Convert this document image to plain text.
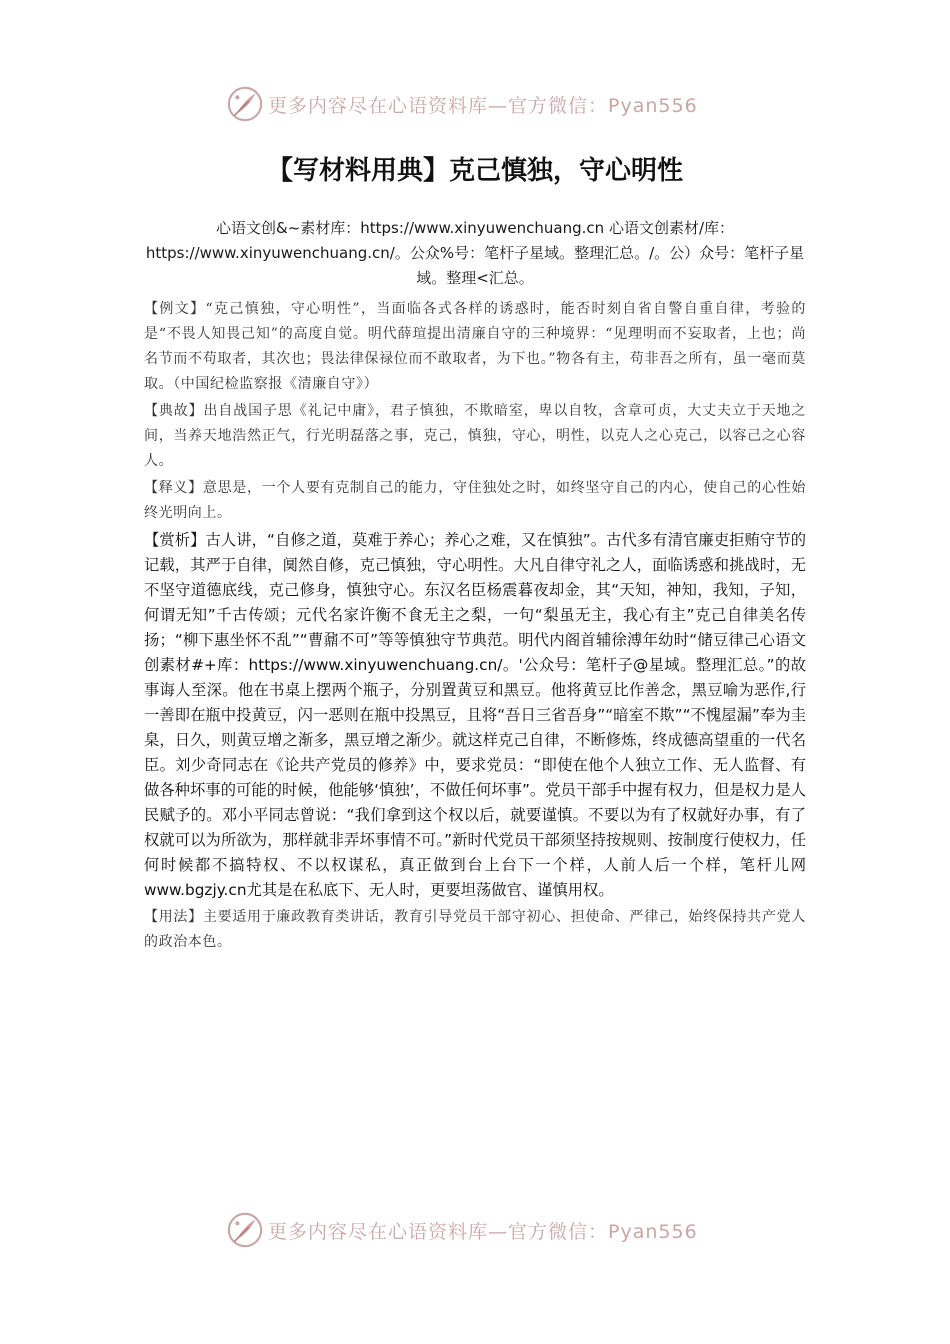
更多内容尽在心语资料库—官方微信：Pyan556
【写材料用典】克己慎独，守心明性

心语文创&~素材库：https://www.xinyuwenchuang.cn 心语文创素材/库：https://www.xinyuwenchuang.cn/。公众%号：笔杆子星域。整理汇总。/。公）众号：笔杆子星域。整理<汇总。

【例文】“克己慎独，守心明性”，当面临各式各样的诱惑时，能否时刻自省自警自重自律，考验的是“不畏人知畏己知”的高度自觉。明代薛瑄提出清廉自守的三种境界：“见理明而不妄取者，上也；尚名节而不苟取者，其次也；畏法律保禄位而不敢取者，为下也。”物各有主，苟非吾之所有，虽一毫而莫取。（中国纪检监察报《清廉自守》）

【典故】出自战国子思《礼记中庸》，君子慎独，不欺暗室，卑以自牧，含章可贞，大丈夫立于天地之间，当养天地浩然正气，行光明磊落之事，克己，慎独，守心，明性，以克人之心克己，以容己之心容人。

【释义】意思是，一个人要有克制自己的能力，守住独处之时，如终坚守自己的内心，使自己的心性始终光明向上。

【赏析】古人讲，“自修之道，莫难于养心；养心之难，又在慎独”。古代多有清官廉吏拒贿守节的记载，其严于自律，阒然自修，克己慎独，守心明性。大凡自律守礼之人，面临诱惑和挑战时，无不坚守道德底线，克己修身，慎独守心。东汉名臣杨震暮夜却金，其“天知，神知，我知，子知，何谓无知”千古传颂；元代名家许衡不食无主之梨，一句“梨虽无主，我心有主”克己自律美名传扬；“柳下惠坐怀不乱”“曹鼐不可”等等慎独守节典范。明代内阁首辅徐溥年幼时“储豆律己心语文创素材#+库：https://www.xinyuwenchuang.cn/。'公众号：笔杆子@星域。整理汇总。”的故事诲人至深。他在书桌上摆两个瓶子，分别置黄豆和黑豆。他将黄豆比作善念，黑豆喻为恶作,行一善即在瓶中投黄豆，闪一恶则在瓶中投黑豆，且将“吾日三省吾身”“暗室不欺”“不愧屋漏”奉为圭臬，日久，则黄豆增之渐多，黑豆增之渐少。就这样克己自律，不断修炼，终成德高望重的一代名臣。刘少奇同志在《论共产党员的修养》中，要求党员：“即使在他个人独立工作、无人监督、有做各种坏事的可能的时候，他能够‘慎独’，不做任何坏事”。党员干部手中握有权力，但是权力是人民赋予的。邓小平同志曾说：“我们拿到这个权以后，就要谨慎。不要以为有了权就好办事，有了权就可以为所欲为，那样就非弄坏事情不可。”新时代党员干部须坚持按规则、按制度行使权力，任何时候都不搞特权、不以权谋私，真正做到台上台下一个样，人前人后一个样，笔杆儿网www.bgzjy.cn尤其是在私底下、无人时，更要坦荡做官、谨慎用权。

【用法】主要适用于廉政教育类讲话，教育引导党员干部守初心、担使命、严律己，始终保持共产党人的政治本色。

更多内容尽在心语资料库—官方微信：Pyan556
